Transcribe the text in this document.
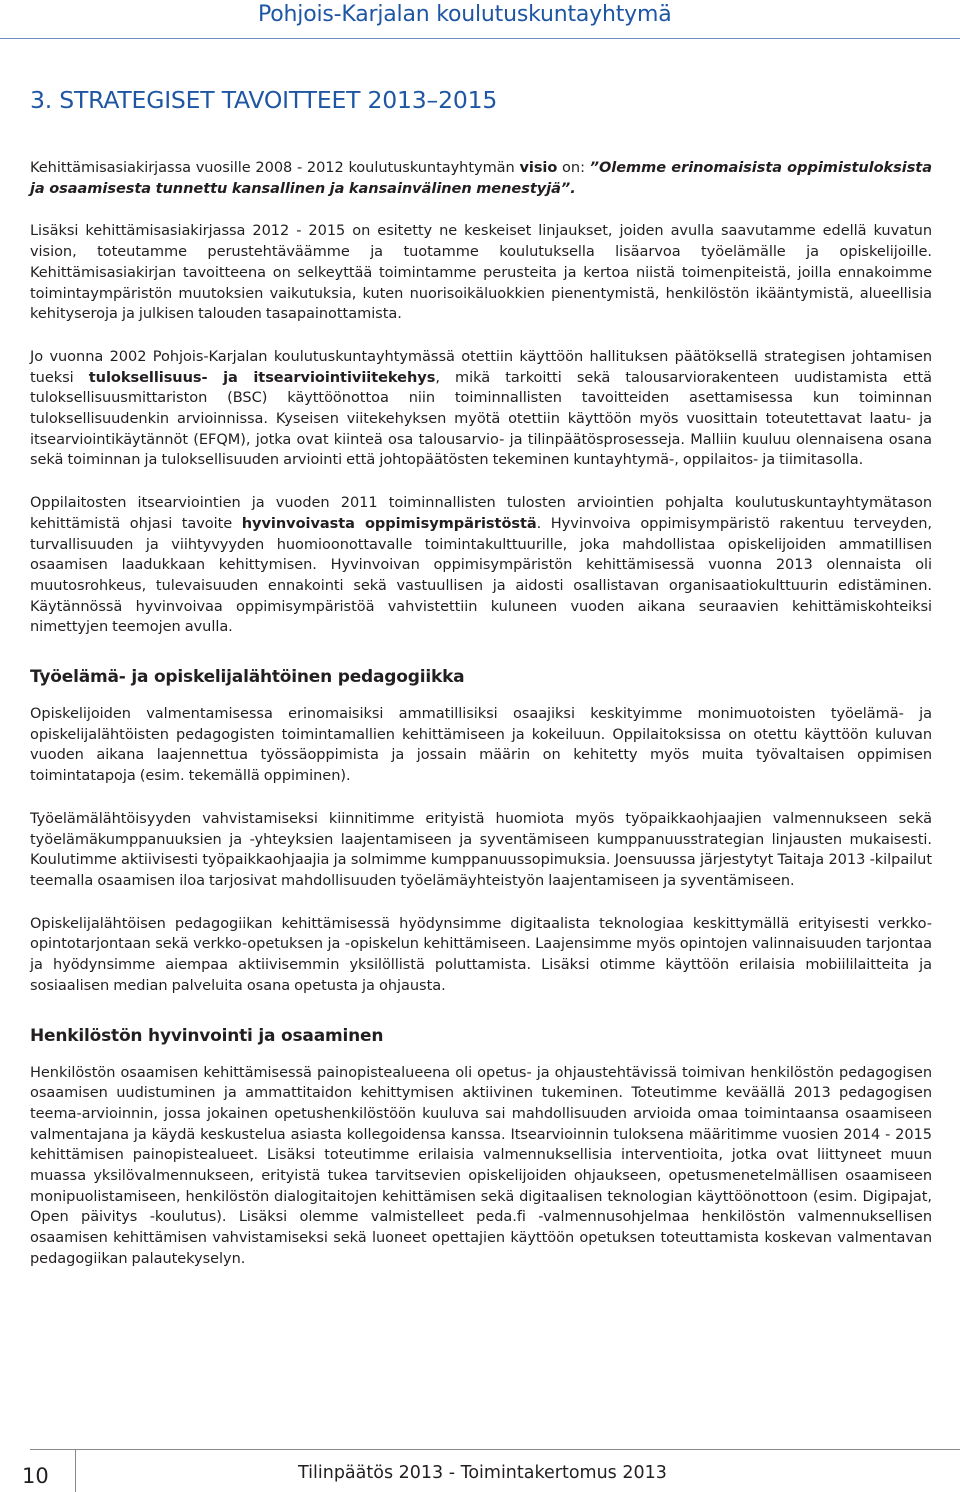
Pohjois-Karjalan koulutuskuntayhtymä
3. STRATEGISET TAVOITTEET 2013–2015

Kehittämisasiakirjassa vuosille 2008 - 2012 koulutuskuntayhtymän visio on: ”Olemme erinomaisista oppimistuloksista ja osaamisesta tunnettu kansallinen ja kansainvälinen menestyjä”.

Lisäksi kehittämisasiakirjassa 2012 - 2015 on esitetty ne keskeiset linjaukset, joiden avulla saavutamme edellä kuvatun vision, toteutamme perustehtäväämme ja tuotamme koulutuksella lisäarvoa työelämälle ja opiskelijoille. Kehittämisasiakirjan tavoitteena on selkeyttää toimintamme perusteita ja kertoa niistä toimenpiteistä, joilla ennakoimme toimintaympäristön muutoksien vaikutuksia, kuten nuorisoikäluokkien pienentymistä, henkilöstön ikääntymistä, alueellisia kehityseroja ja julkisen talouden tasapainottamista.

Jo vuonna 2002 Pohjois-Karjalan koulutuskuntayhtymässä otettiin käyttöön hallituksen päätöksellä strategisen johtamisen tueksi tuloksellisuus- ja itsearviointiviitekehys, mikä tarkoitti sekä talousarviorakenteen uudistamista että tuloksellisuusmittariston (BSC) käyttöönottoa niin toiminnallisten tavoitteiden asettamisessa kun toiminnan tuloksellisuudenkin arvioinnissa. Kyseisen viitekehyksen myötä otettiin käyttöön myös vuosittain toteutettavat laatu- ja itsearviointikäytännöt (EFQM), jotka ovat kiinteä osa talousarvio- ja tilinpäätösprosesseja. Malliin kuuluu olennaisena osana sekä toiminnan ja tuloksellisuuden arviointi että johtopäätösten tekeminen kuntayhtymä-, oppilaitos- ja tiimitasolla.

Oppilaitosten itsearviointien ja vuoden 2011 toiminnallisten tulosten arviointien pohjalta koulutuskuntayhtymätason kehittämistä ohjasi tavoite hyvinvoivasta oppimisympäristöstä. Hyvinvoiva oppimisympäristö rakentuu terveyden, turvallisuuden ja viihtyvyyden huomioonottavalle toimintakulttuurille, joka mahdollistaa opiskelijoiden ammatillisen osaamisen laadukkaan kehittymisen. Hyvinvoivan oppimisympäristön kehittämisessä vuonna 2013 olennaista oli muutosrohkeus, tulevaisuuden ennakointi sekä vastuullisen ja aidosti osallistavan organisaatiokulttuurin edistäminen. Käytännössä hyvinvoivaa oppimisympäristöä vahvistettiin kuluneen vuoden aikana seuraavien kehittämiskohteiksi nimettyjen teemojen avulla.

Työelämä- ja opiskelijalähtöinen pedagogiikka

Opiskelijoiden valmentamisessa erinomaisiksi ammatillisiksi osaajiksi keskityimme monimuotoisten työelämä- ja opiskelijalähtöisten pedagogisten toimintamallien kehittämiseen ja kokeiluun. Oppilaitoksissa on otettu käyttöön kuluvan vuoden aikana laajennettua työssäoppimista ja jossain määrin on kehitetty myös muita työvaltaisen oppimisen toimintatapoja (esim. tekemällä oppiminen).

Työelämälähtöisyyden vahvistamiseksi kiinnitimme erityistä huomiota myös työpaikkaohjaajien valmennukseen sekä työelämäkumppanuuksien ja -yhteyksien laajentamiseen ja syventämiseen kumppanuusstrategian linjausten mukaisesti. Koulutimme aktiivisesti työpaikkaohjaajia ja solmimme kumppanuussopimuksia. Joensuussa järjestytyt Taitaja 2013 -kilpailut teemalla osaamisen iloa tarjosivat mahdollisuuden työelämäyhteistyön laajentamiseen ja syventämiseen.

Opiskelijalähtöisen pedagogiikan kehittämisessä hyödynsimme digitaalista teknologiaa keskittymällä erityisesti verkko-opintotarjontaan sekä verkko-opetuksen ja -opiskelun kehittämiseen. Laajensimme myös opintojen valinnaisuuden tarjontaa ja hyödynsimme aiempaa aktiivisemmin yksilöllistä poluttamista. Lisäksi otimme käyttöön erilaisia mobiililaitteita ja sosiaalisen median palveluita osana opetusta ja ohjausta.

Henkilöstön hyvinvointi ja osaaminen

Henkilöstön osaamisen kehittämisessä painopistealueena oli opetus- ja ohjaustehtävissä toimivan henkilöstön pedagogisen osaamisen uudistuminen ja ammattitaidon kehittymisen aktiivinen tukeminen. Toteutimme keväällä 2013 pedagogisen teema-arvioinnin, jossa jokainen opetushenkilöstöön kuuluva sai mahdollisuuden arvioida omaa toimintaansa osaamiseen valmentajana ja käydä keskustelua asiasta kollegoidensa kanssa. Itsearvioinnin tuloksena määritimme vuosien 2014 - 2015 kehittämisen painopistealueet. Lisäksi toteutimme erilaisia valmennuksellisia interventioita, jotka ovat liittyneet muun muassa yksilövalmennukseen, erityistä tukea tarvitsevien opiskelijoiden ohjaukseen, opetusmenetelmällisen osaamiseen monipuolistamiseen, henkilöstön dialogitaitojen kehittämisen sekä digitaalisen teknologian käyttöönottoon (esim. Digipajat, Open päivitys -koulutus). Lisäksi olemme valmistelleet peda.fi -valmennusohjelmaa henkilöstön valmennuksellisen osaamisen kehittämisen vahvistamiseksi sekä luoneet opettajien käyttöön opetuksen toteuttamista koskevan valmentavan pedagogiikan palautekyselyn.

10	Tilinpäätös 2013 - Toimintakertomus 2013
